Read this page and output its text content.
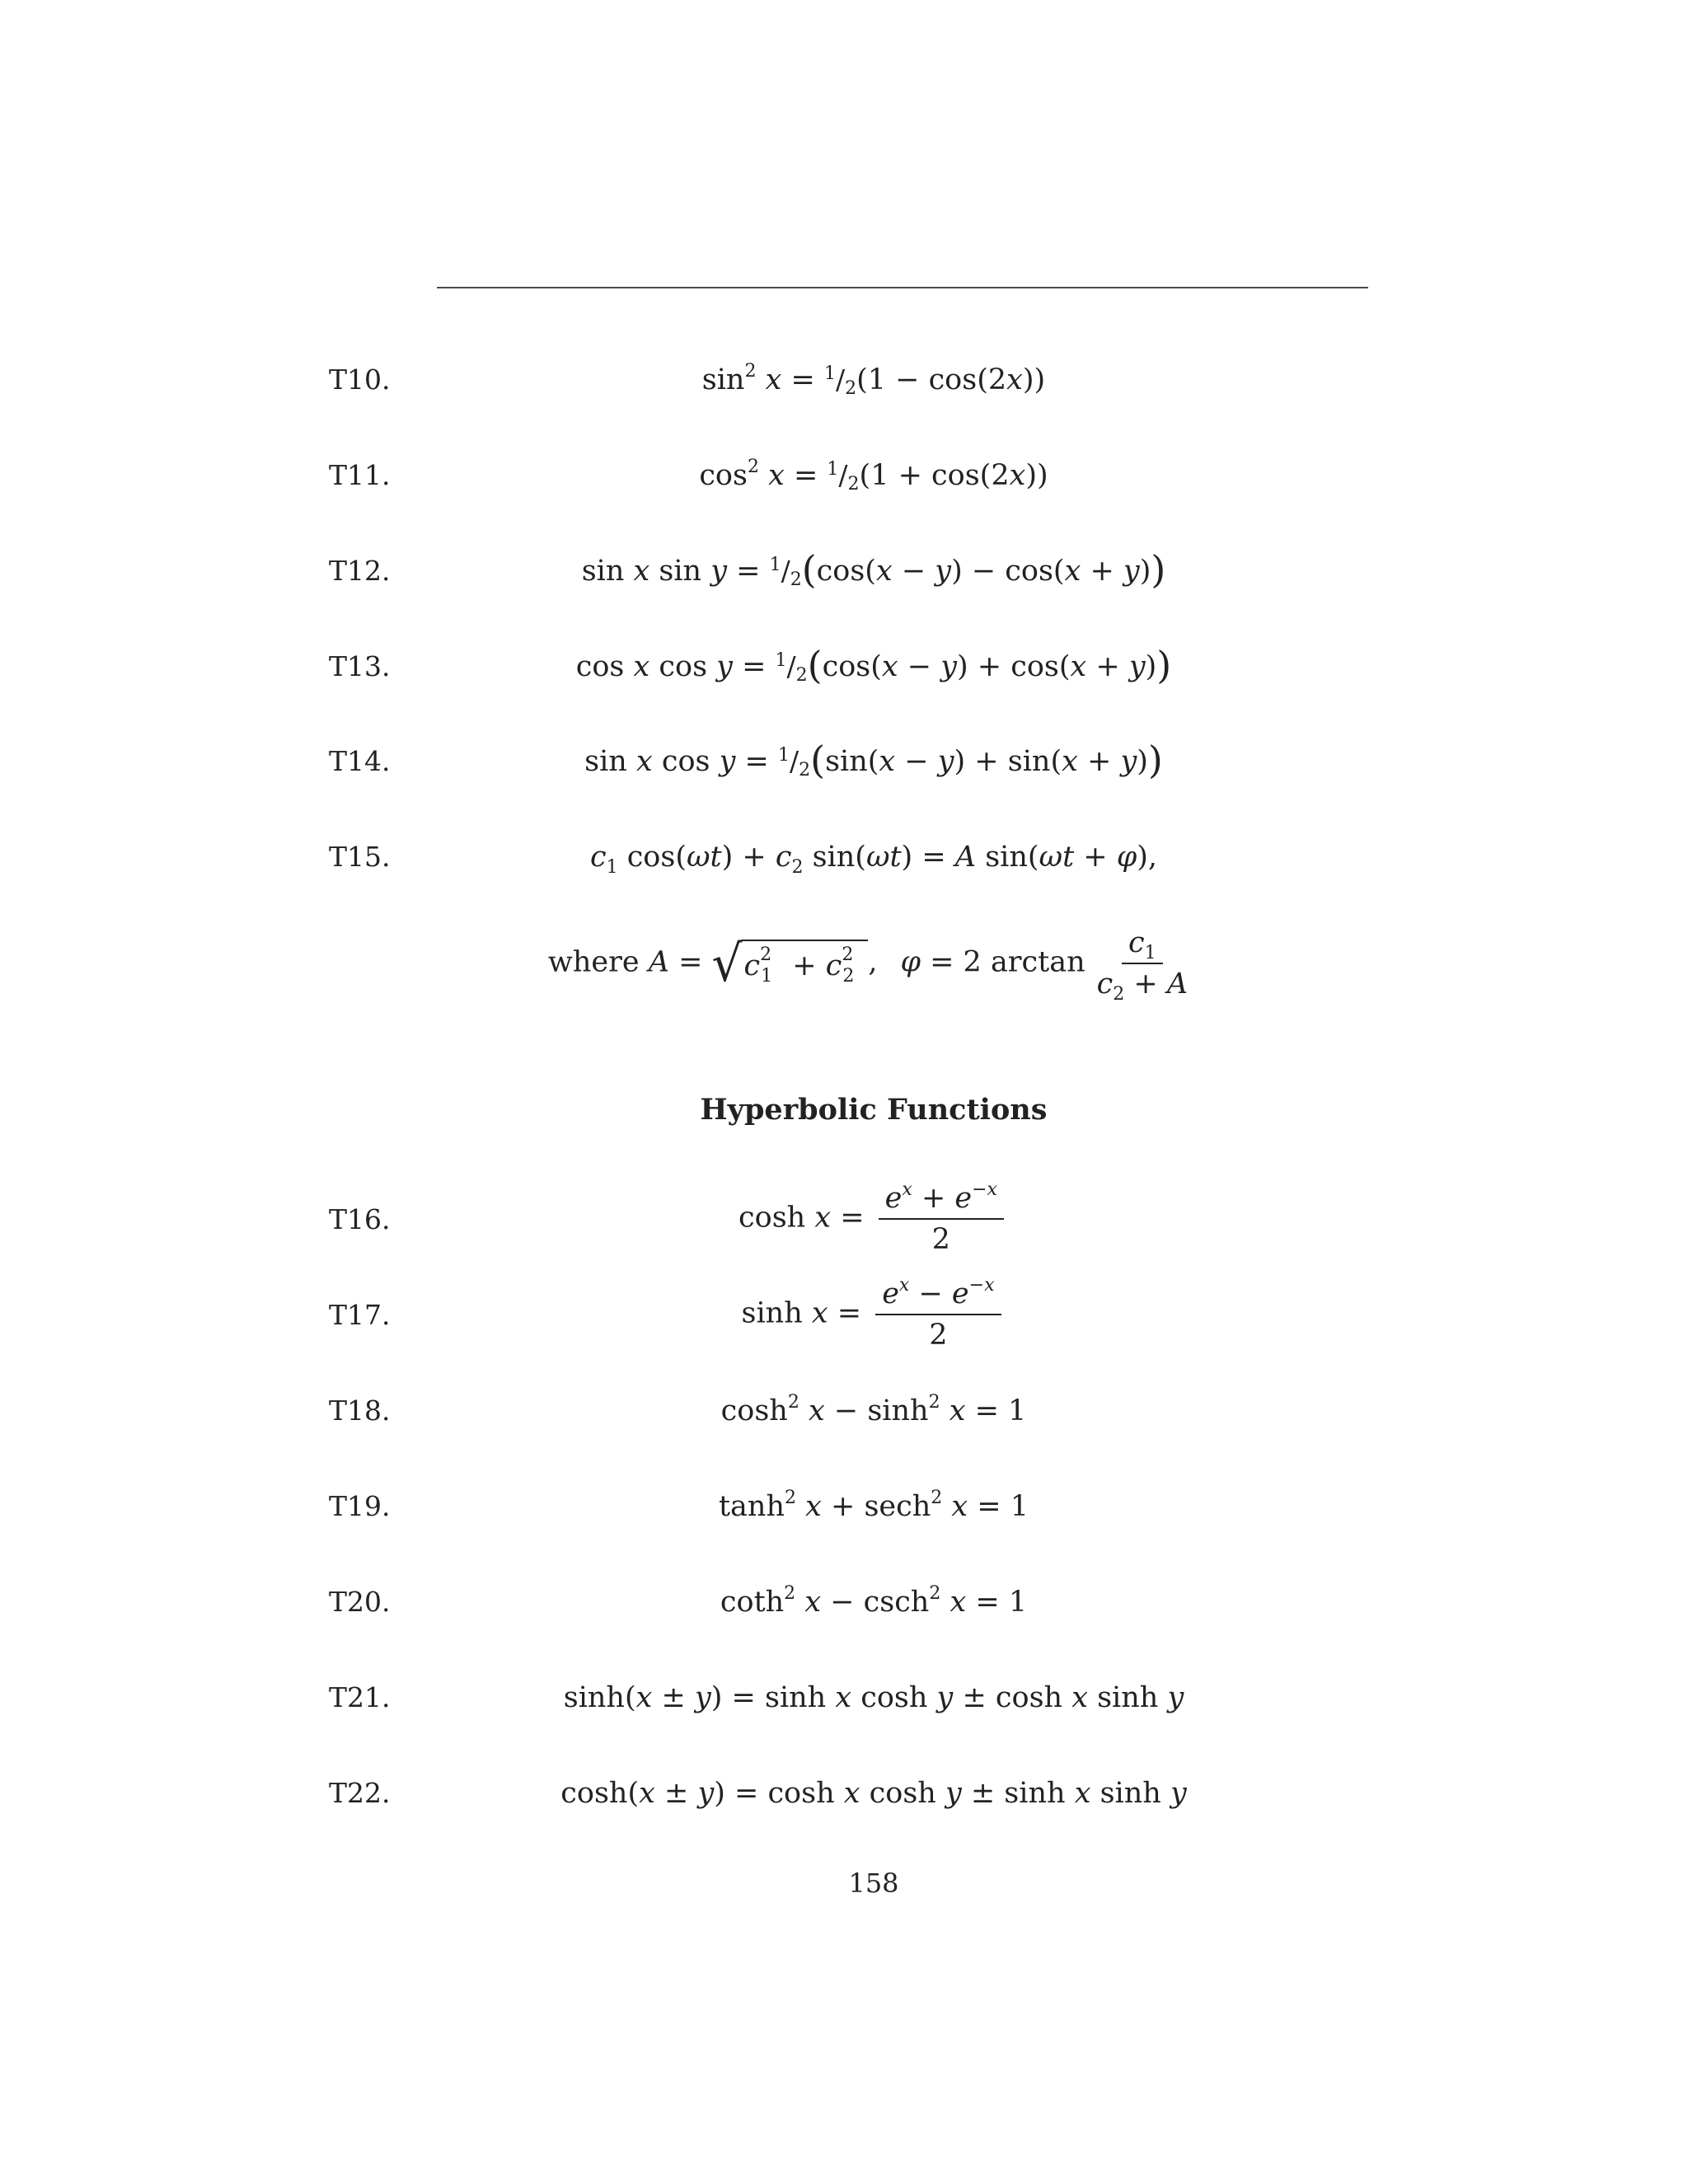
T10.	$\sin^2 x = ^1/2(1 - \cos(2x))$
T11.	$\cos^2 x = ^1/2(1 + \cos(2x))$
T12.	sin x sin y = $^1$/2(cos(x − y) − cos(x + y))
T13.	cos x cos y = $^1$/2(cos(x − y) + cos(x + y))
T14.	sin x cos y = $^1$/2(sin(x − y) + sin(x + y))
T15.	$c_1$ $\cos(\omega t) + c_2$ sin(ωt) = A sin(ωt + φ),
where A = √ $c_{21} + c_{22}$ , φ = 2 $\arctan \frac{c_1}{c_2 + A}$
Hyperbolic Functions
T16.	$\cosh x = \frac{e^x + e^{-x}}{2}$
T17.	$\sinh x = \frac{e^x - e^{-x}}{2}$
T18.	$\cosh^2 x - \sinh^2 x = 1$
T19.	$\tanh^2 x + \sec h^2$ x = 1
T20.	coth$^2$ x − csch$^2$ x = 1
T21.	sinh(x ± y) = sinh x cosh y ± cosh x sinh y
T22.	cosh(x ± y) = cosh x cosh y ± sinh x sinh y
158
